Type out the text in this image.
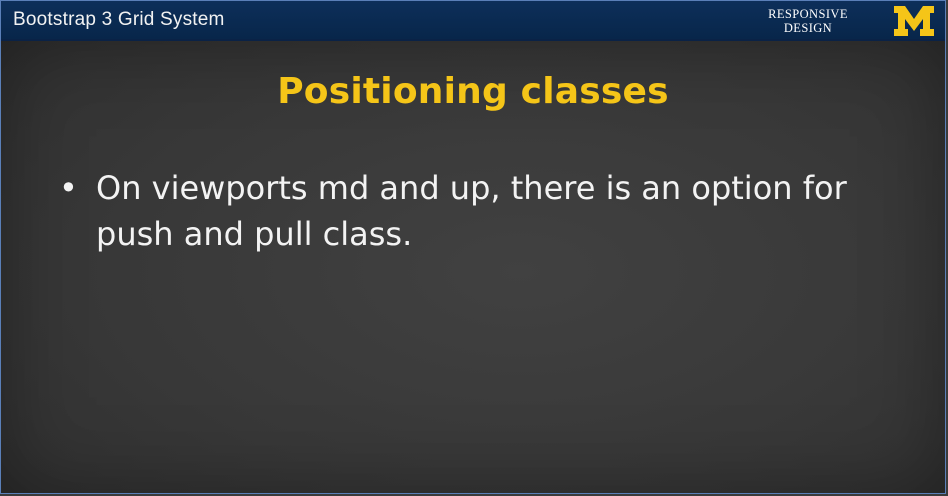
Bootstrap 3 Grid System	RESPONSIVE
DESIGN
Positioning classes
• On viewports md and up, there is an option for push and pull class.
